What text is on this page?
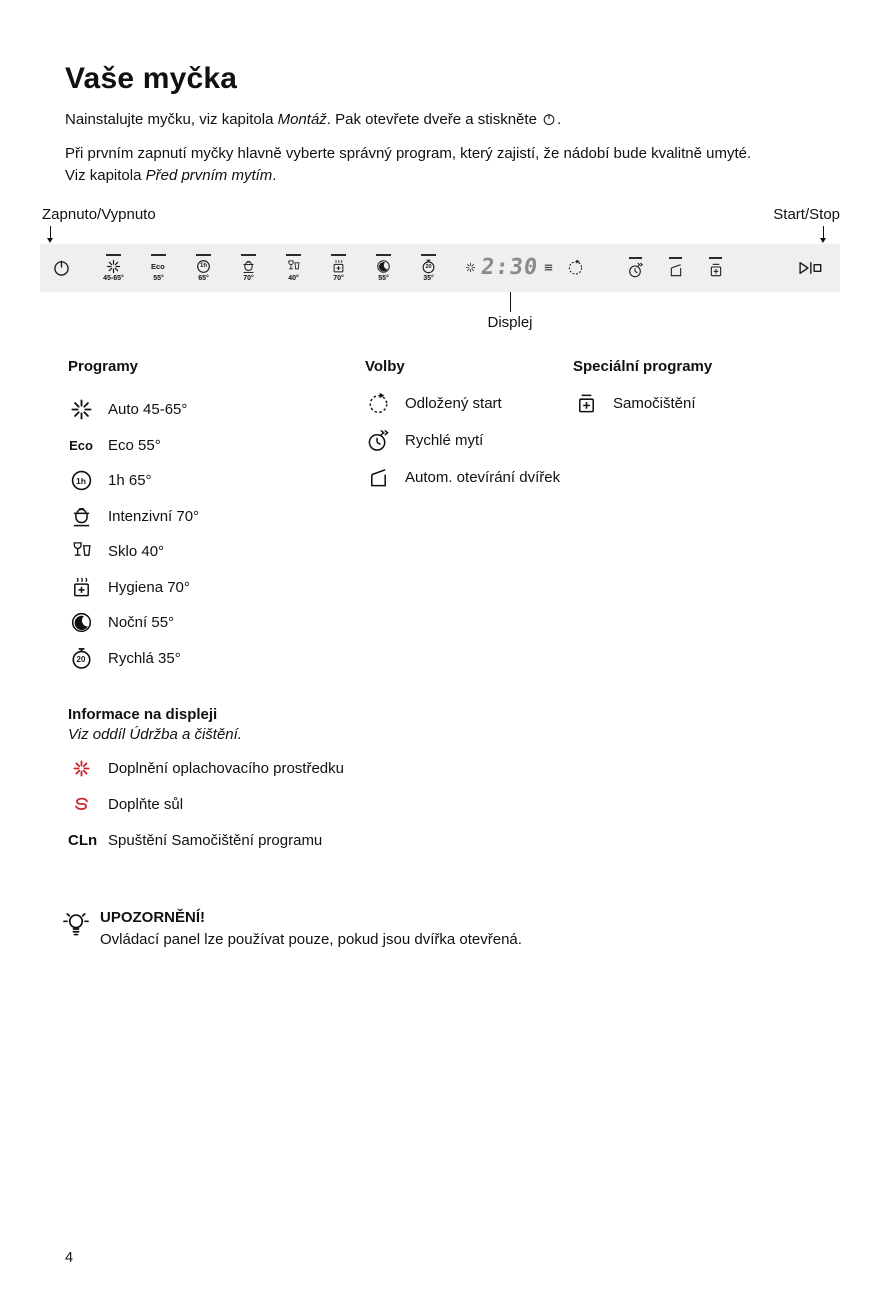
Vaše myčka

Nainstalujte myčku, viz kapitola Montáž. Pak otevřete dveře a stiskněte .

Při prvním zapnutí myčky hlavně vyberte správný program, který zajistí, že nádobí bude kvalitně umyté.
Viz kapitola Před prvním mytím.

Zapnuto/Vypnuto	Start/Stop
45-65°
Eco
55°
1h
65°	70°	40°	70°	55°
20
35° 2:30
Displej
Programy
Auto 45-65°
Eco Eco 55°
1h	1h 65°
Intenzivní 70°
Sklo 40°
Hygiena 70°
Noční 55°
20	Rychlá 35°
Volby
Odložený start
Rychlé mytí
Autom. otevírání dvířek
Speciální programy
Samočištění
Informace na displeji
Viz oddíl Údržba a čištění.
Doplnění oplachovacího prostředku
Doplňte sůl
CLn Spuštění Samočištění programu
UPOZORNĚNÍ!
Ovládací panel lze používat pouze, pokud jsou dvířka otevřená.
4
